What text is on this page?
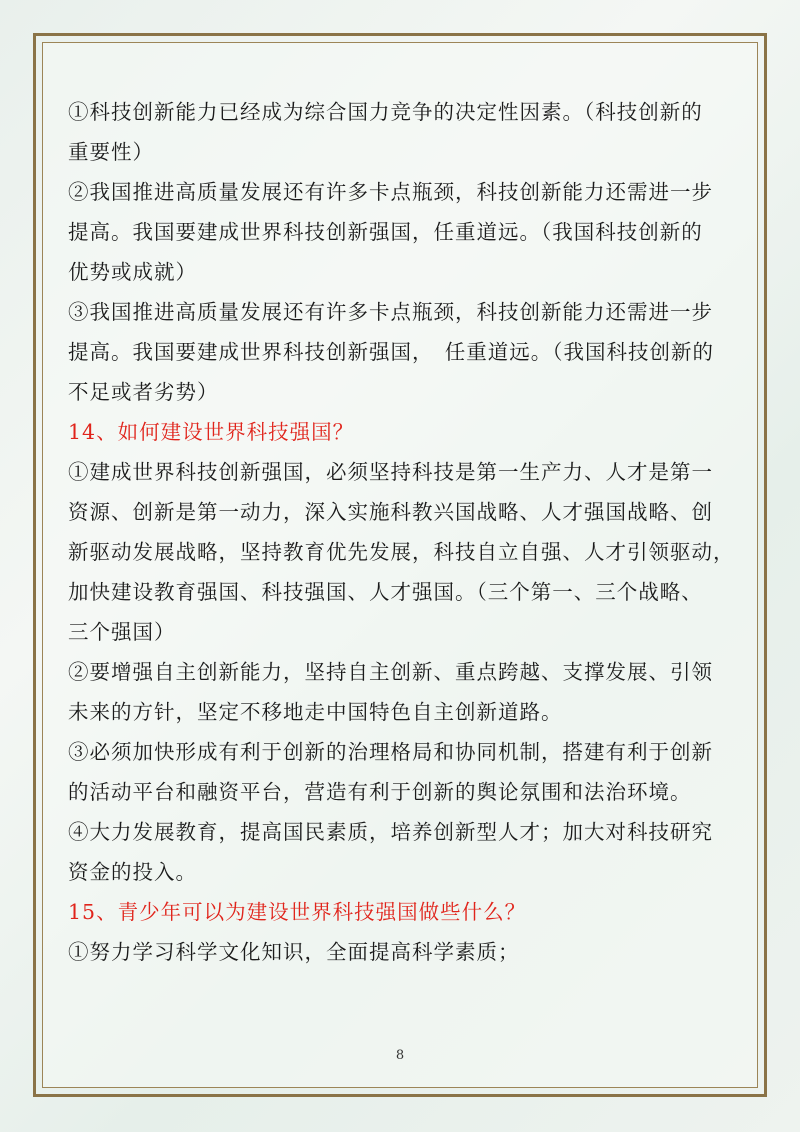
①科技创新能力已经成为综合国力竞争的决定性因素。（科技创新的
重要性）

②我国推进高质量发展还有许多卡点瓶颈，科技创新能力还需进一步
提高。我国要建成世界科技创新强国，任重道远。（我国科技创新的
优势或成就）

③我国推进高质量发展还有许多卡点瓶颈，科技创新能力还需进一步
提高。我国要建成世界科技创新强国，　任重道远。（我国科技创新的
不足或者劣势）

14、如何建设世界科技强国？

①建成世界科技创新强国，必须坚持科技是第一生产力、人才是第一
资源、创新是第一动力，深入实施科教兴国战略、人才强国战略、创
新驱动发展战略，坚持教育优先发展，科技自立自强、人才引领驱动，
加快建设教育强国、科技强国、人才强国。（三个第一、三个战略、
三个强国）

②要增强自主创新能力，坚持自主创新、重点跨越、支撑发展、引领
未来的方针，坚定不移地走中国特色自主创新道路。

③必须加快形成有利于创新的治理格局和协同机制，搭建有利于创新
的活动平台和融资平台，营造有利于创新的舆论氛围和法治环境。

④大力发展教育，提高国民素质，培养创新型人才；加大对科技研究
资金的投入。

15、青少年可以为建设世界科技强国做些什么？

①努力学习科学文化知识，全面提高科学素质；

8
